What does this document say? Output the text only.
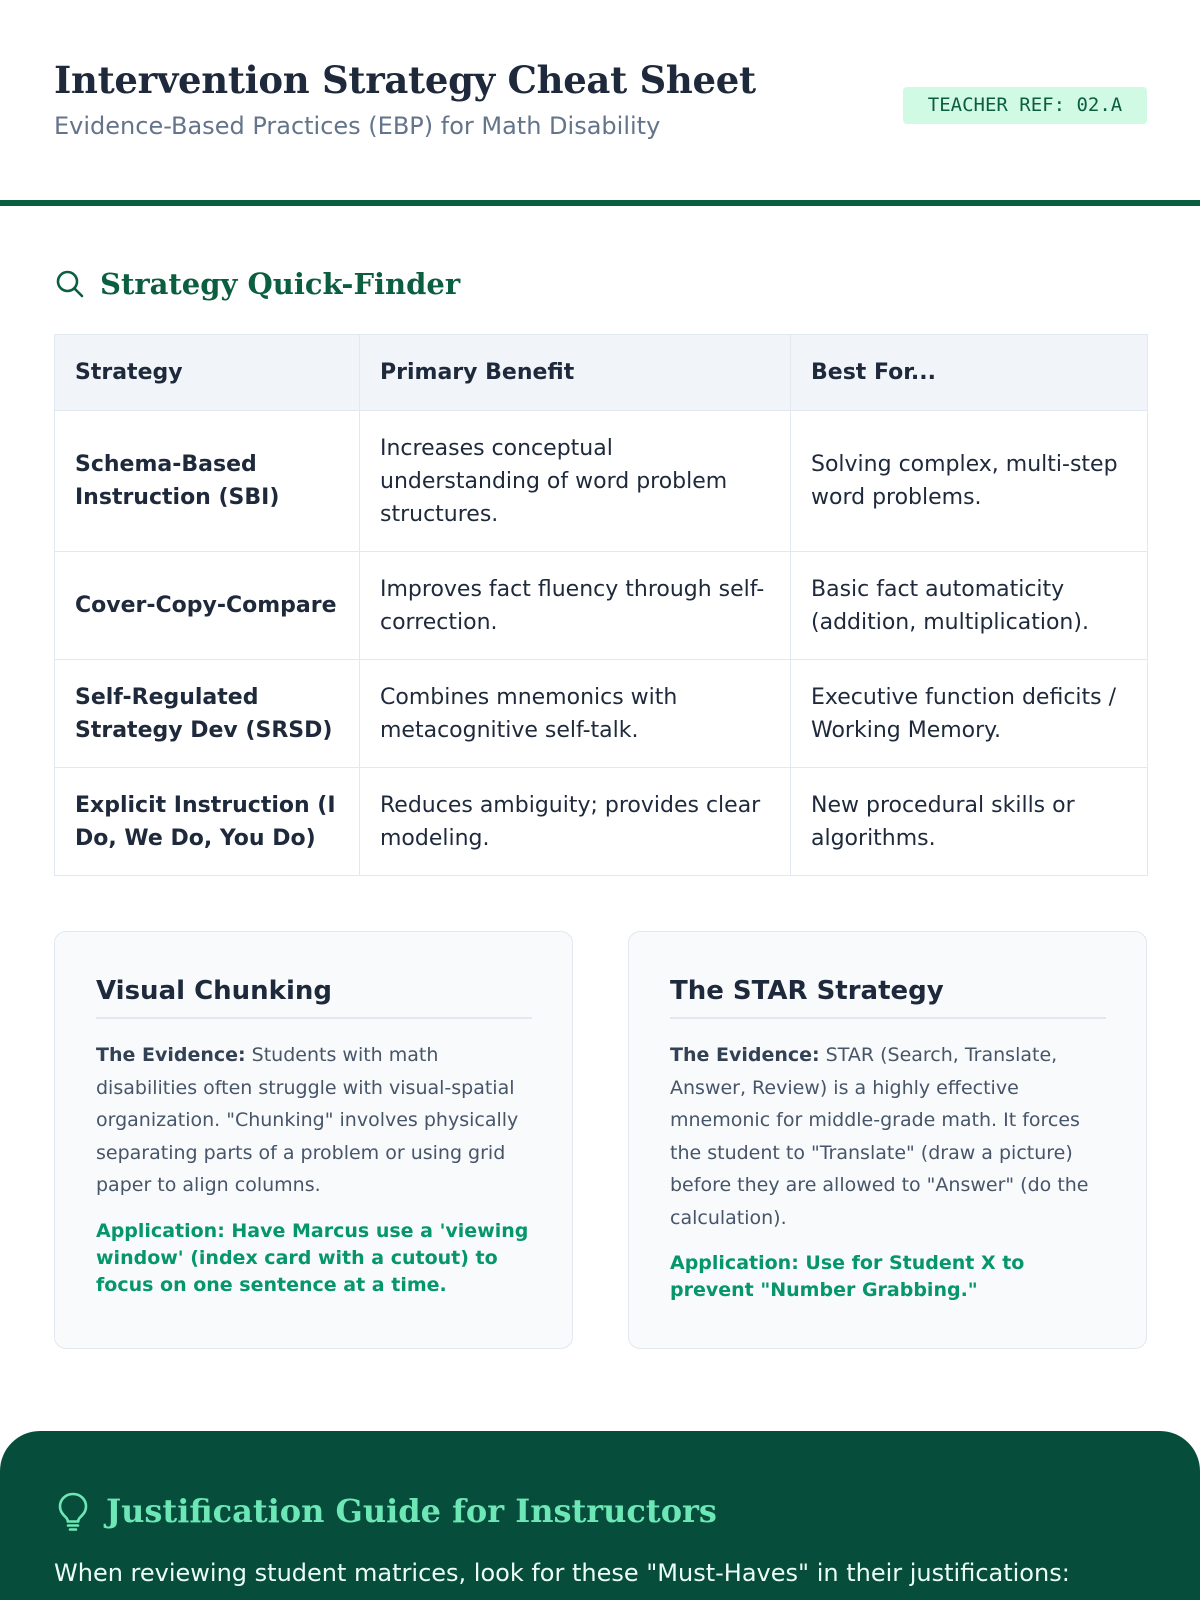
Intervention Strategy Cheat Sheet
Evidence-Based Practices (EBP) for Math Disability
TEACHER REF: 02.A
Strategy Quick-Finder
Strategy	Primary Benefit	Best For...
Schema-Based Instruction (SBI)	Increases conceptual understanding of word problem structures.	Solving complex, multi-step word problems.
Cover-Copy-Compare	Improves fact fluency through self-correction.	Basic fact automaticity (addition, multiplication).
Self-Regulated Strategy Dev (SRSD)	Combines mnemonics with metacognitive self-talk.	Executive function deficits / Working Memory.
Explicit Instruction (I Do, We Do, You Do)	Reduces ambiguity; provides clear modeling.	New procedural skills or algorithms.
Visual Chunking

The Evidence: Students with math disabilities often struggle with visual-spatial organization. "Chunking" involves physically separating parts of a problem or using grid paper to align columns.

Application: Have Marcus use a 'viewing window' (index card with a cutout) to focus on one sentence at a time.

The STAR Strategy

The Evidence: STAR (Search, Translate, Answer, Review) is a highly effective mnemonic for middle-grade math. It forces the student to "Translate" (draw a picture) before they are allowed to "Answer" (do the calculation).

Application: Use for Student X to prevent "Number Grabbing."

Justification Guide for Instructors

When reviewing student matrices, look for these "Must-Haves" in their justifications:
